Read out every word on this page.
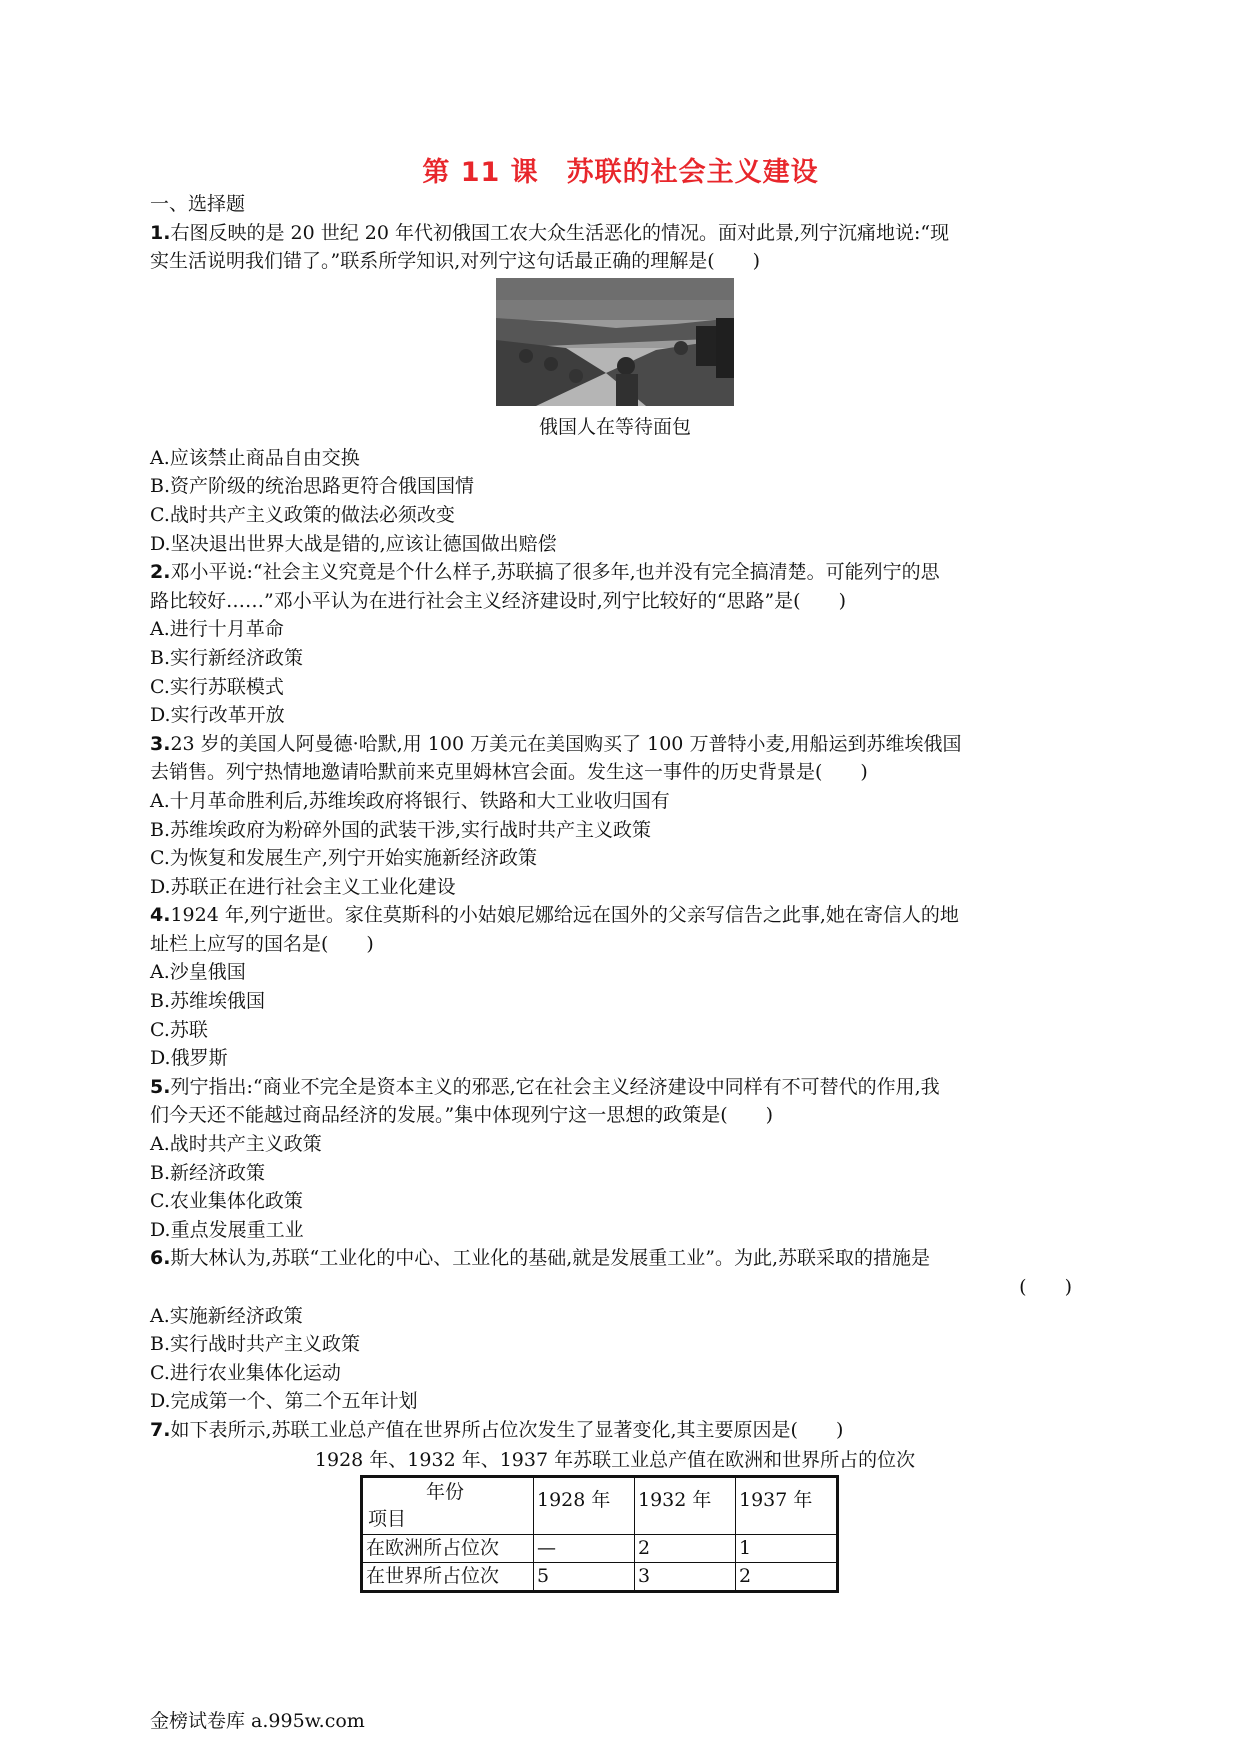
第 11 课　苏联的社会主义建设
一、选择题
1.右图反映的是 20 世纪 20 年代初俄国工农大众生活恶化的情况。面对此景,列宁沉痛地说:“现
实生活说明我们错了。”联系所学知识,对列宁这句话最正确的理解是(　　)
俄国人在等待面包
A.应该禁止商品自由交换
B.资产阶级的统治思路更符合俄国国情
C.战时共产主义政策的做法必须改变
D.坚决退出世界大战是错的,应该让德国做出赔偿
2.邓小平说:“社会主义究竟是个什么样子,苏联搞了很多年,也并没有完全搞清楚。可能列宁的思
路比较好……”邓小平认为在进行社会主义经济建设时,列宁比较好的“思路”是(　　)
A.进行十月革命
B.实行新经济政策
C.实行苏联模式
D.实行改革开放
3.23 岁的美国人阿曼德·哈默,用 100 万美元在美国购买了 100 万普特小麦,用船运到苏维埃俄国
去销售。列宁热情地邀请哈默前来克里姆林宫会面。发生这一事件的历史背景是(　　)
A.十月革命胜利后,苏维埃政府将银行、铁路和大工业收归国有
B.苏维埃政府为粉碎外国的武装干涉,实行战时共产主义政策
C.为恢复和发展生产,列宁开始实施新经济政策
D.苏联正在进行社会主义工业化建设
4.1924 年,列宁逝世。家住莫斯科的小姑娘尼娜给远在国外的父亲写信告之此事,她在寄信人的地
址栏上应写的国名是(　　)
A.沙皇俄国
B.苏维埃俄国
C.苏联
D.俄罗斯
5.列宁指出:“商业不完全是资本主义的邪恶,它在社会主义经济建设中同样有不可替代的作用,我
们今天还不能越过商品经济的发展。”集中体现列宁这一思想的政策是(　　)
A.战时共产主义政策
B.新经济政策
C.农业集体化政策
D.重点发展重工业
6.斯大林认为,苏联“工业化的中心、工业化的基础,就是发展重工业”。为此,苏联采取的措施是
(　　)
A.实施新经济政策
B.实行战时共产主义政策
C.进行农业集体化运动
D.完成第一个、第二个五年计划
7.如下表所示,苏联工业总产值在世界所占位次发生了显著变化,其主要原因是(　　)
1928 年、1932 年、1937 年苏联工业总产值在欧洲和世界所占的位次
年份
项目	1928 年	1932 年	1937 年
在欧洲所占位次	—	2	1
在世界所占位次	5	3	2
金榜试卷库 a.995w.com
